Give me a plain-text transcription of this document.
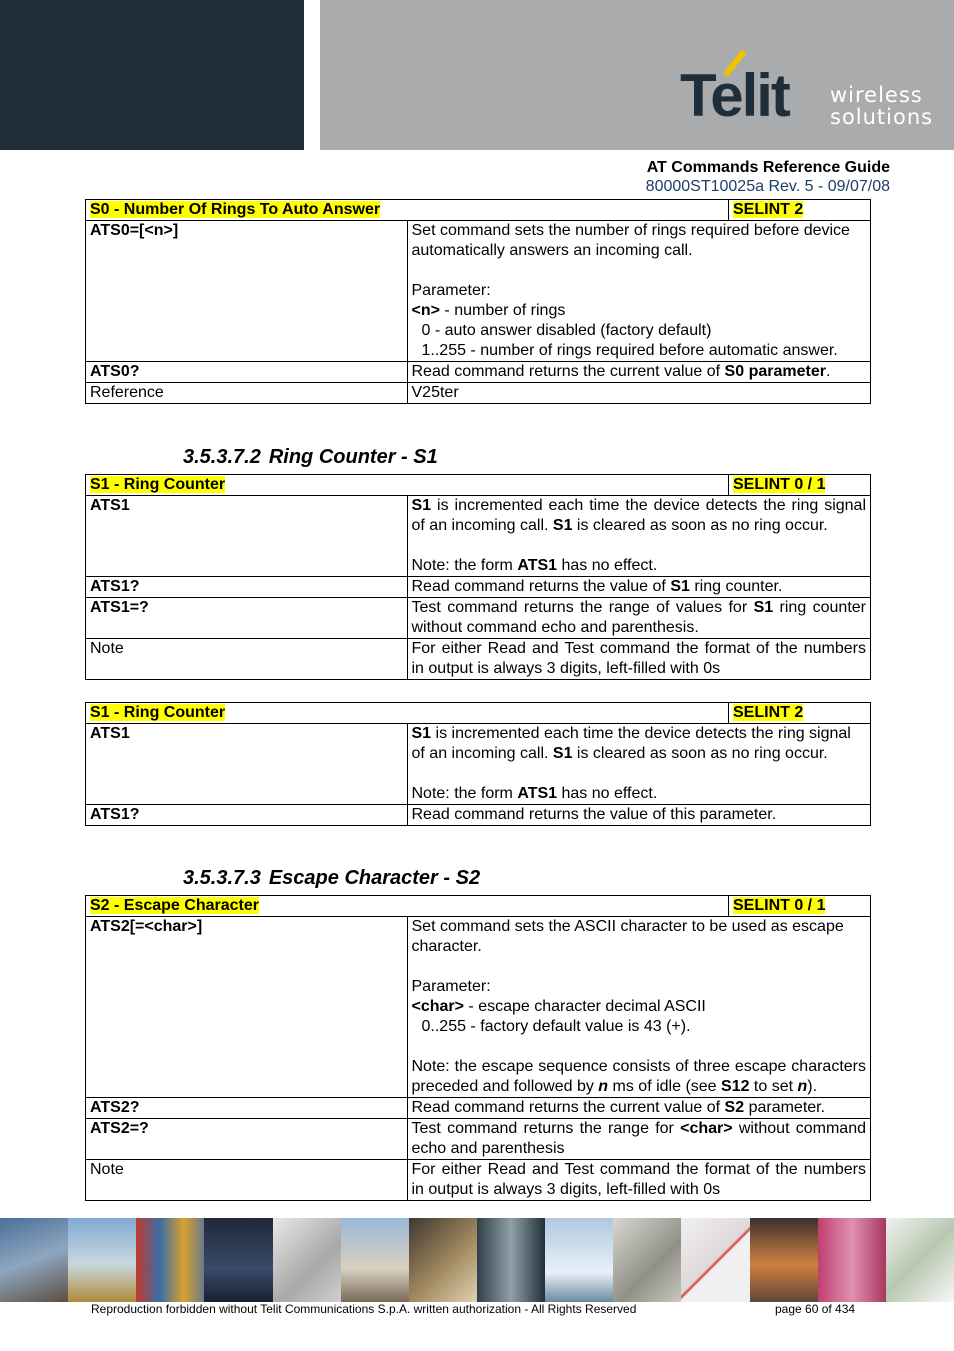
Telit wireless
solutions
AT Commands Reference Guide
80000ST10025a Rev. 5 - 09/07/08
S0 - Number Of Rings To Auto Answer		SELINT 2
ATS0=[<n>]	Set command sets the number of rings required before device automatically answers an incoming call.
Parameter:
<n> - number of rings
0 - auto answer disabled (factory default)
1..255 - number of rings required before automatic answer.	

ATS0?	Read command returns the current value of S0 parameter.	
Reference	V25ter	
3.5.3.7.2 Ring Counter - S1
S1 - Ring Counter		SELINT 0 / 1
ATS1	S1 is incremented each time the device detects the ring signal of an incoming call. S1 is cleared as soon as no ring occur.
Note: the form ATS1 has no effect.	

ATS1?	Read command returns the value of S1 ring counter.	
ATS1=?	Test command returns the range of values for S1 ring counter without command echo and parenthesis.	
Note	For either Read and Test command the format of the numbers in output is always 3 digits, left-filled with 0s	
S1 - Ring Counter		SELINT 2
ATS1	S1 is incremented each time the device detects the ring signal of an incoming call. S1 is cleared as soon as no ring occur.
Note: the form ATS1 has no effect.	

ATS1?	Read command returns the value of this parameter.	
3.5.3.7.3 Escape Character - S2
S2 - Escape Character		SELINT 0 / 1
ATS2[=<char>]	Set command sets the ASCII character to be used as escape character.
Parameter:
<char> - escape character decimal ASCII
0..255 - factory default value is 43 (+).
Note: the escape sequence consists of three escape characters preceded and followed by n ms of idle (see S12 to set n).	

ATS2?	Read command returns the current value of S2 parameter.	
ATS2=?	Test command returns the range for <char> without command echo and parenthesis	
Note	For either Read and Test command the format of the numbers in output is always 3 digits, left-filled with 0s	
Reproduction forbidden without Telit Communications S.p.A. written authorization - All Rights Reserved	page 60 of 434
